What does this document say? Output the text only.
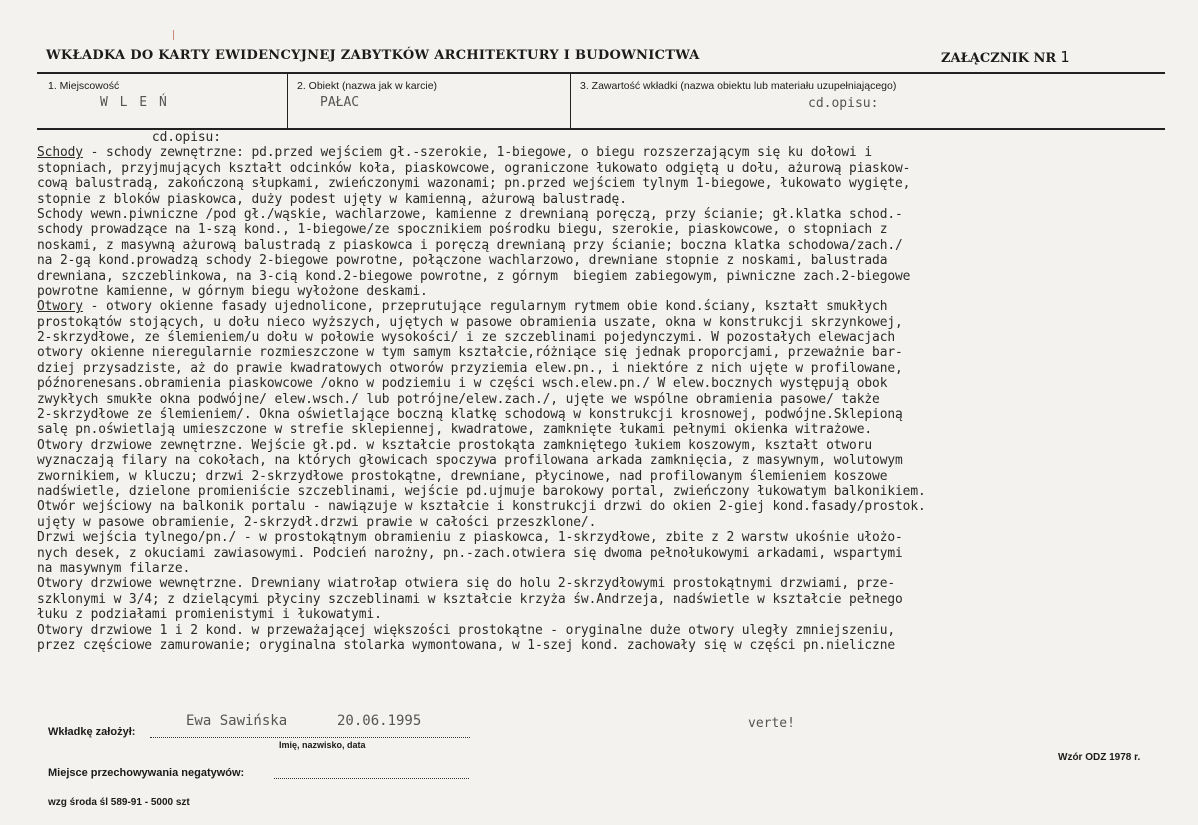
WKŁADKA DO KARTY EWIDENCYJNEJ ZABYTKÓW ARCHITEKTURY I BUDOWNICTWA	ZAŁĄCZNIK NR 1
1. Miejscowość
W L E Ń
2. Obiekt (nazwa jak w karcie)
PAŁAC
3. Zawartość wkładki (nazwa obiektu lub materiału uzupełniającego)
cd.opisu:
cd.opisu:
Schody - schody zewnętrzne: pd.przed wejściem gł.-szerokie, 1-biegowe, o biegu rozszerzającym się ku dołowi i
stopniach, przyjmujących kształt odcinków koła, piaskowcowe, ograniczone łukowato odgiętą u dołu, ażurową piaskow-
cową balustradą, zakończoną słupkami, zwieńczonymi wazonami; pn.przed wejściem tylnym 1-biegowe, łukowato wygięte,
stopnie z bloków piaskowca, duży podest ujęty w kamienną, ażurową balustradę.
Schody wewn.piwniczne /pod gł./wąskie, wachlarzowe, kamienne z drewnianą poręczą, przy ścianie; gł.klatka schod.-
schody prowadzące na 1-szą kond., 1-biegowe/ze spocznikiem pośrodku biegu, szerokie, piaskowcowe, o stopniach z
noskami, z masywną ażurową balustradą z piaskowca i poręczą drewnianą przy ścianie; boczna klatka schodowa/zach./
na 2-gą kond.prowadzą schody 2-biegowe powrotne, połączone wachlarzowo, drewniane stopnie z noskami, balustrada
drewniana, szczeblinkowa, na 3-cią kond.2-biegowe powrotne, z górnym  biegiem zabiegowym, piwniczne zach.2-biegowe
powrotne kamienne, w górnym biegu wyłożone deskami.
Otwory - otwory okienne fasady ujednolicone, przeprutujące regularnym rytmem obie kond.ściany, kształt smukłych
prostokątów stojących, u dołu nieco wyższych, ujętych w pasowe obramienia uszate, okna w konstrukcji skrzynkowej,
2-skrzydłowe, ze ślemieniem/u dołu w połowie wysokości/ i ze szczeblinami pojedynczymi. W pozostałych elewacjach
otwory okienne nieregularnie rozmieszczone w tym samym kształcie,różniące się jednak proporcjami, przeważnie bar-
dziej przysadziste, aż do prawie kwadratowych otworów przyziemia elew.pn., i niektóre z nich ujęte w profilowane,
późnorenesans.obramienia piaskowcowe /okno w podziemiu i w części wsch.elew.pn./ W elew.bocznych występują obok
zwykłych smukłe okna podwójne/ elew.wsch./ lub potrójne/elew.zach./, ujęte we wspólne obramienia pasowe/ także
2-skrzydłowe ze ślemieniem/. Okna oświetlające boczną klatkę schodową w konstrukcji krosnowej, podwójne.Sklepioną
salę pn.oświetlają umieszczone w strefie sklepiennej, kwadratowe, zamknięte łukami pełnymi okienka witrażowe.
Otwory drzwiowe zewnętrzne. Wejście gł.pd. w kształcie prostokąta zamkniętego łukiem koszowym, kształt otworu
wyznaczają filary na cokołach, na których głowicach spoczywa profilowana arkada zamknięcia, z masywnym, wolutowym
zwornikiem, w kluczu; drzwi 2-skrzydłowe prostokątne, drewniane, płycinowe, nad profilowanym ślemieniem koszowe
nadświetle, dzielone promieniście szczeblinami, wejście pd.ujmuje barokowy portal, zwieńczony łukowatym balkonikiem.
Otwór wejściowy na balkonik portalu - nawiązuje w kształcie i konstrukcji drzwi do okien 2-giej kond.fasady/prostok.
ujęty w pasowe obramienie, 2-skrzydł.drzwi prawie w całości przeszklone/.
Drzwi wejścia tylnego/pn./ - w prostokątnym obramieniu z piaskowca, 1-skrzydłowe, zbite z 2 warstw ukośnie ułożo-
nych desek, z okuciami zawiasowymi. Podcień narożny, pn.-zach.otwiera się dwoma pełnołukowymi arkadami, wspartymi
na masywnym filarze.
Otwory drzwiowe wewnętrzne. Drewniany wiatrołap otwiera się do holu 2-skrzydłowymi prostokątnymi drzwiami, prze-
szklonymi w 3/4; z dzielącymi płyciny szczeblinami w kształcie krzyża św.Andrzeja, nadświetle w kształcie pełnego
łuku z podziałami promienistymi i łukowatymi.
Otwory drzwiowe 1 i 2 kond. w przeważającej większości prostokątne - oryginalne duże otwory uległy zmniejszeniu,
przez częściowe zamurowanie; oryginalna stolarka wymontowana, w 1-szej kond. zachowały się w części pn.nieliczne
Wkładkę założył:
Ewa Sawińska	20.06.1995
Imię, nazwisko, data
verte!
Wzór ODZ 1978 r.
Miejsce przechowywania negatywów:
wzg środa śl 589-91 - 5000 szt
